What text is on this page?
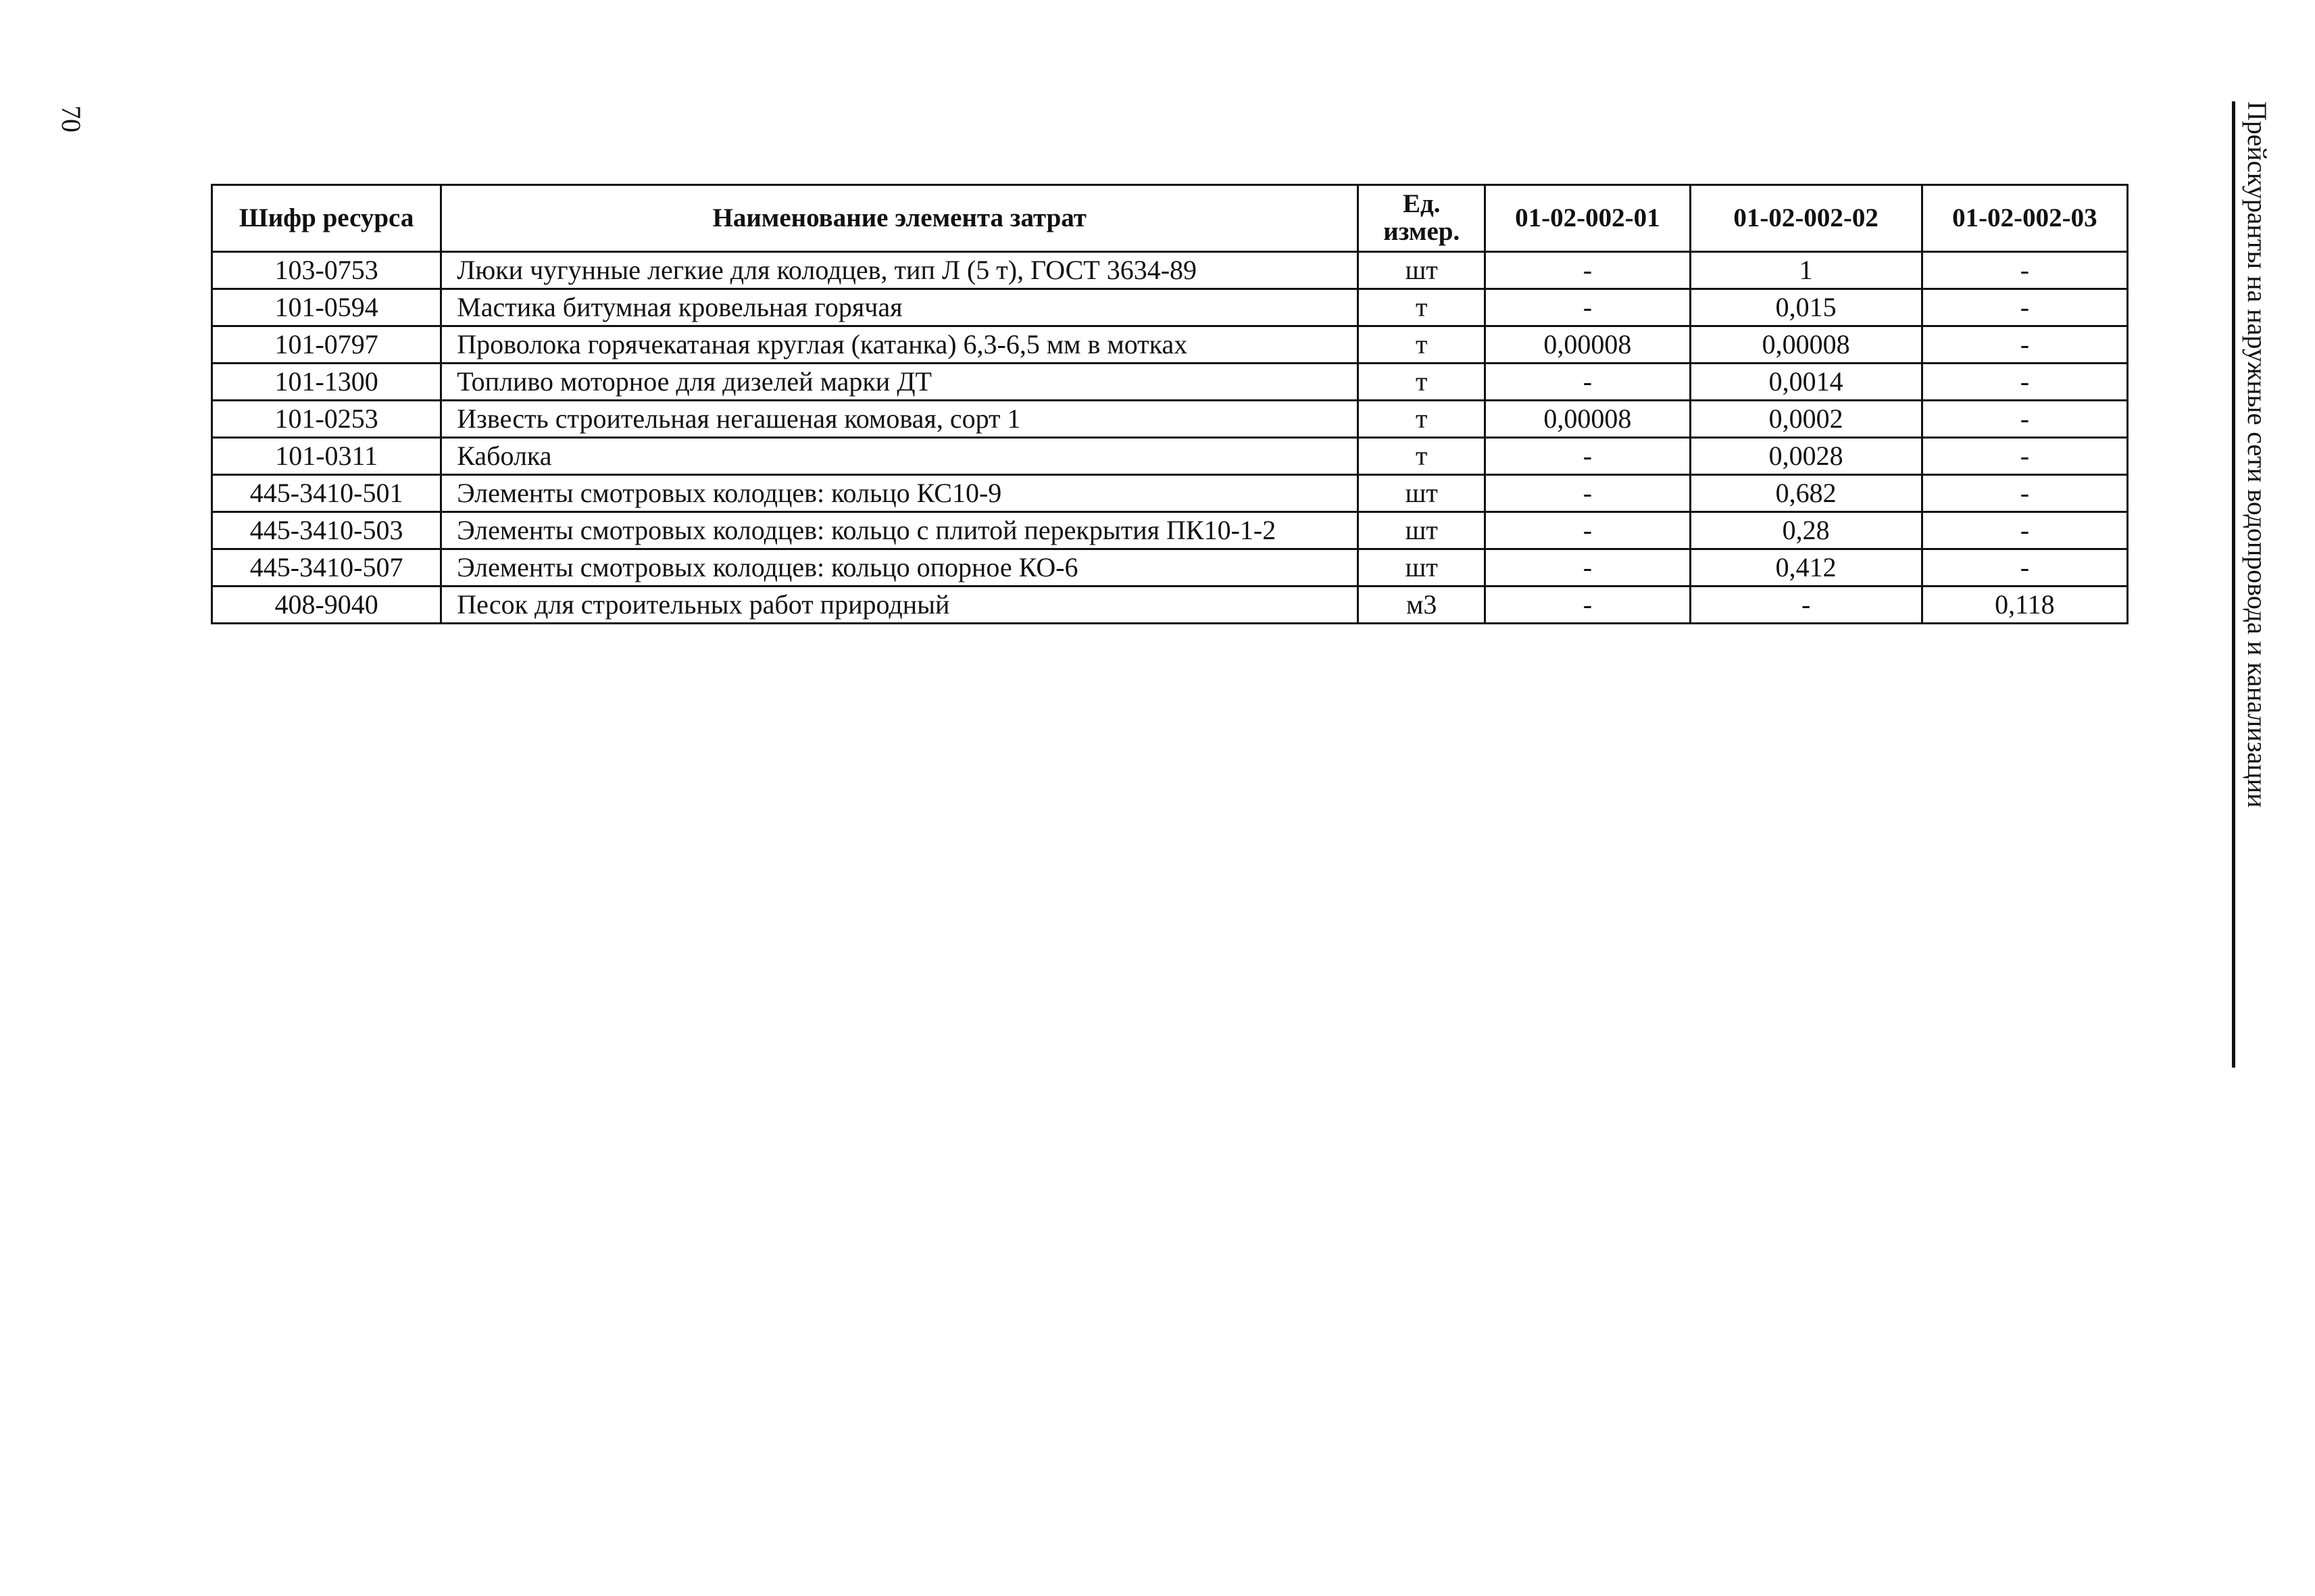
70	Прейскуранты на наружные сети водопровода и канализации
Шифр ресурса	Наименование элемента затрат	Ед. измер.	01-02-002-01	01-02-002-02	01-02-002-03
103-0753	Люки чугунные легкие для колодцев, тип Л (5 т), ГОСТ 3634-89	шт	-	1	-
101-0594	Мастика битумная кровельная горячая	т	-	0,015	-
101-0797	Проволока горячекатаная круглая (катанка) 6,3-6,5 мм в мотках	т	0,00008	0,00008	-
101-1300	Топливо моторное для дизелей марки ДТ	т	-	0,0014	-
101-0253	Известь строительная негашеная комовая, сорт 1	т	0,00008	0,0002	-
101-0311	Каболка	т	-	0,0028	-
445-3410-501	Элементы смотровых колодцев: кольцо КС10-9	шт	-	0,682	-
445-3410-503	Элементы смотровых колодцев: кольцо с плитой перекрытия ПК10-1-2	шт	-	0,28	-
445-3410-507	Элементы смотровых колодцев: кольцо опорное КО-6	шт	-	0,412	-
408-9040	Песок для строительных работ природный	м3	-	-	0,118
